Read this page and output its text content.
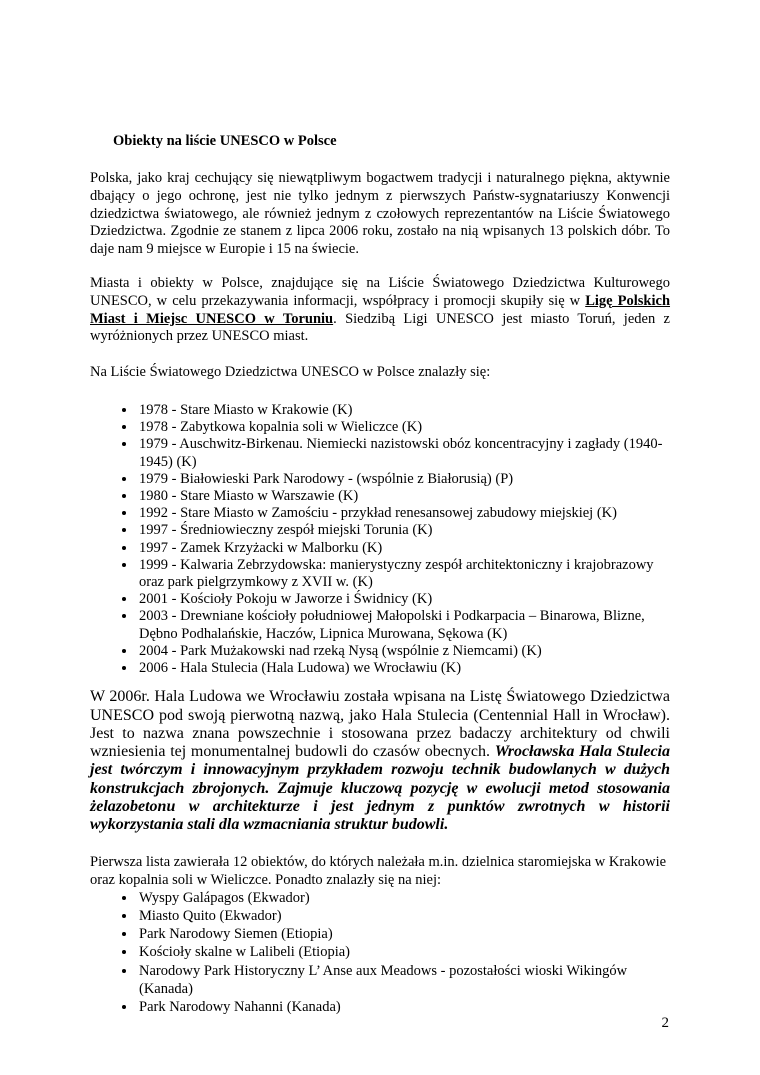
Obiekty na liście UNESCO w Polsce

Polska, jako kraj cechujący się niewątpliwym bogactwem tradycji i naturalnego piękna, aktywnie dbający o jego ochronę, jest nie tylko jednym z pierwszych Państw-sygnatariuszy Konwencji dziedzictwa światowego, ale również jednym z czołowych reprezentantów na Liście Światowego Dziedzictwa. Zgodnie ze stanem z lipca 2006 roku, zostało na nią wpisanych 13 polskich dóbr. To daje nam 9 miejsce w Europie i 15 na świecie.

Miasta i obiekty w Polsce, znajdujące się na Liście Światowego Dziedzictwa Kulturowego UNESCO, w celu przekazywania informacji, współpracy i promocji skupiły się w Ligę Polskich Miast i Miejsc UNESCO w Toruniu. Siedzibą Ligi UNESCO jest miasto Toruń, jeden z wyróżnionych przez UNESCO miast.

Na Liście Światowego Dziedzictwa UNESCO w Polsce znalazły się:

• 1978 - Stare Miasto w Krakowie (K)
• 1978 - Zabytkowa kopalnia soli w Wieliczce (K)
• 1979 - Auschwitz-Birkenau. Niemiecki nazistowski obóz koncentracyjny i zagłady (1940-1945) (K)
• 1979 - Białowieski Park Narodowy - (wspólnie z Białorusią) (P)
• 1980 - Stare Miasto w Warszawie (K)
• 1992 - Stare Miasto w Zamościu - przykład renesansowej zabudowy miejskiej (K)
• 1997 - Średniowieczny zespół miejski Torunia (K)
• 1997 - Zamek Krzyżacki w Malborku (K)
• 1999 - Kalwaria Zebrzydowska: manierystyczny zespół architektoniczny i krajobrazowy oraz park pielgrzymkowy z XVII w. (K)
• 2001 - Kościoły Pokoju w Jaworze i Świdnicy (K)
• 2003 - Drewniane kościoły południowej Małopolski i Podkarpacia – Binarowa, Blizne, Dębno Podhalańskie, Haczów, Lipnica Murowana, Sękowa (K)
• 2004 - Park Mużakowski nad rzeką Nysą (wspólnie z Niemcami) (K)
• 2006 - Hala Stulecia (Hala Ludowa) we Wrocławiu (K)

W 2006r. Hala Ludowa we Wrocławiu została wpisana na Listę Światowego Dziedzictwa UNESCO pod swoją pierwotną nazwą, jako Hala Stulecia (Centennial Hall in Wrocław). Jest to nazwa znana powszechnie i stosowana przez badaczy architektury od chwili wzniesienia tej monumentalnej budowli do czasów obecnych. Wrocławska Hala Stulecia jest twórczym i innowacyjnym przykładem rozwoju technik budowlanych w dużych konstrukcjach zbrojonych. Zajmuje kluczową pozycję w ewolucji metod stosowania żelazobetonu w architekturze i jest jednym z punktów zwrotnych w historii wykorzystania stali dla wzmacniania struktur budowli.

Pierwsza lista zawierała 12 obiektów, do których należała m.in. dzielnica staromiejska w Krakowie oraz kopalnia soli w Wieliczce. Ponadto znalazły się na niej:

• Wyspy Galápagos (Ekwador)
• Miasto Quito (Ekwador)
• Park Narodowy Siemen (Etiopia)
• Kościoły skalne w Lalibeli (Etiopia)
• Narodowy Park Historyczny L’ Anse aux Meadows - pozostałości wioski Wikingów (Kanada)
• Park Narodowy Nahanni (Kanada)
2
